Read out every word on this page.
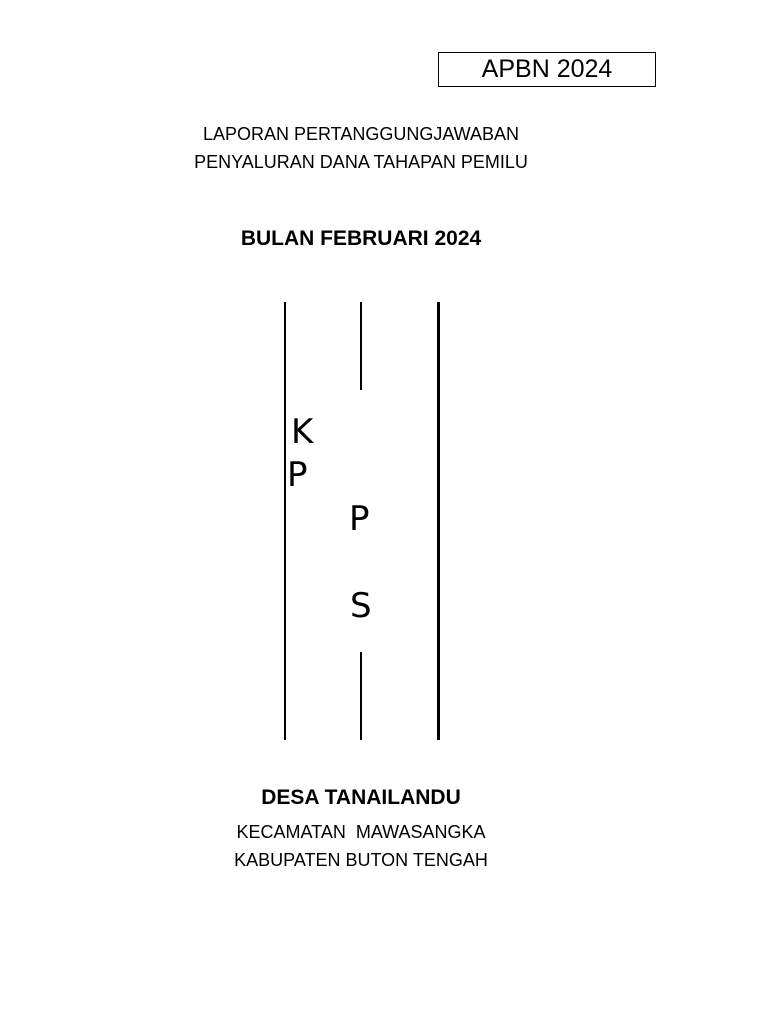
APBN 2024
LAPORAN PERTANGGUNGJAWABAN
PENYALURAN DANA TAHAPAN PEMILU
BULAN FEBRUARI 2024
K
P
P
S
DESA TANAILANDU
KECAMATAN  MAWASANGKA
KABUPATEN BUTON TENGAH
